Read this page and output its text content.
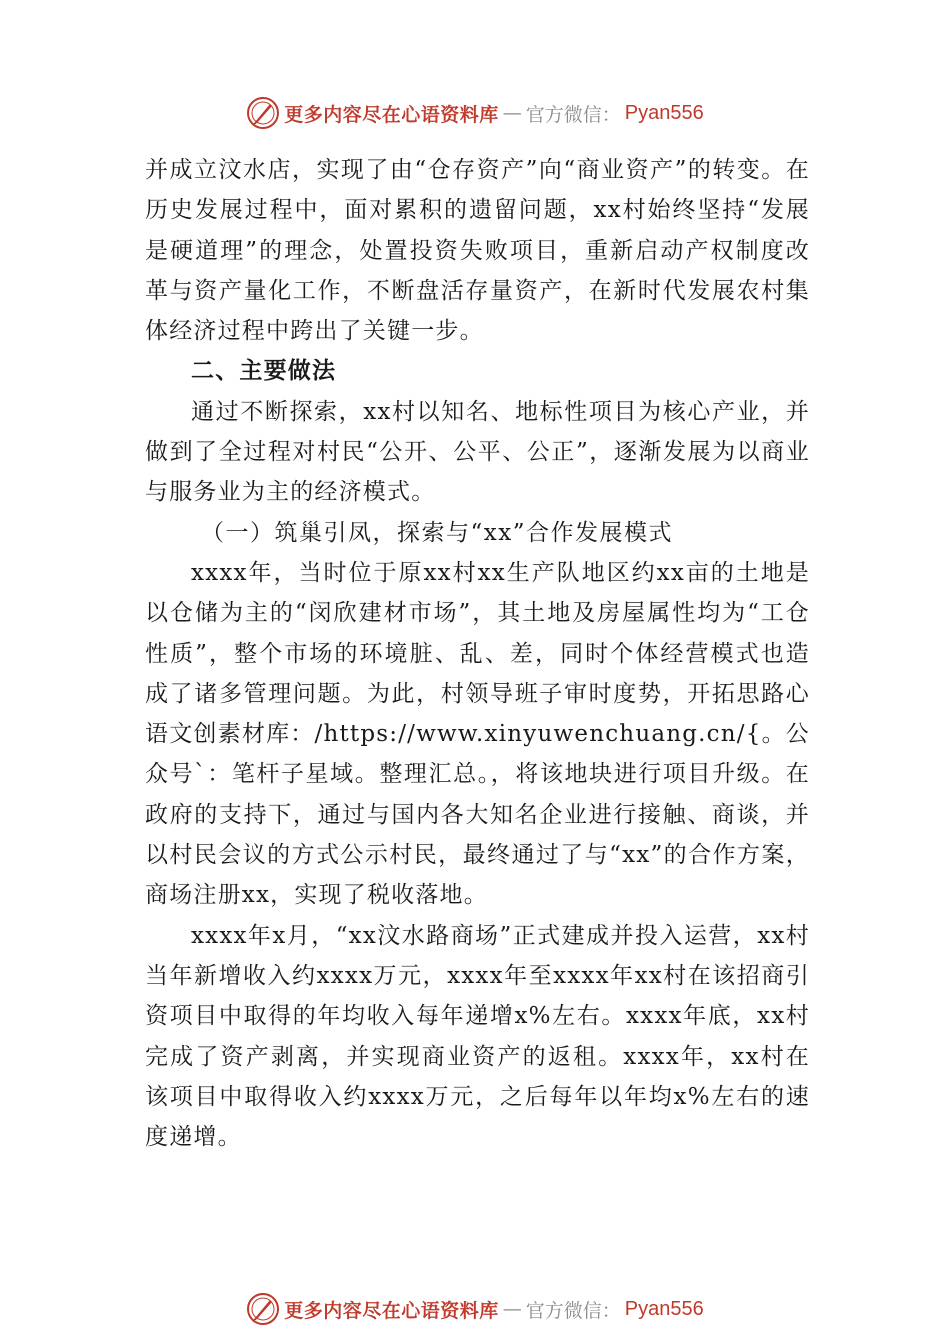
更多内容尽在心语资料库 — 官方微信： Pyan556

并成立汶水店，实现了由“仓存资产”向“商业资产”的转变。在历史发展过程中，面对累积的遗留问题，xx村始终坚持“发展是硬道理”的理念，处置投资失败项目，重新启动产权制度改革与资产量化工作，不断盘活存量资产，在新时代发展农村集体经济过程中跨出了关键一步。

二、主要做法

通过不断探索，xx村以知名、地标性项目为核心产业，并做到了全过程对村民“公开、公平、公正”，逐渐发展为以商业与服务业为主的经济模式。

（一）筑巢引凤，探索与“xx”合作发展模式

xxxx年，当时位于原xx村xx生产队地区约xx亩的土地是以仓储为主的“闵欣建材市场”，其土地及房屋属性均为“工仓性质”，整个市场的环境脏、乱、差，同时个体经营模式也造成了诸多管理问题。为此，村领导班子审时度势，开拓思路心语文创素材库：/https://www.xinyuwenchuang.cn/{。公众号`：笔杆子星域。整理汇总。，将该地块进行项目升级。在政府的支持下，通过与国内各大知名企业进行接触、商谈，并以村民会议的方式公示村民，最终通过了与“xx”的合作方案，商场注册xx，实现了税收落地。

xxxx年x月，“xx汶水路商场”正式建成并投入运营，xx村当年新增收入约xxxx万元，xxxx年至xxxx年xx村在该招商引资项目中取得的年均收入每年递增x%左右。xxxx年底，xx村完成了资产剥离，并实现商业资产的返租。xxxx年，xx村在该项目中取得收入约xxxx万元，之后每年以年均x%左右的速度递增。

更多内容尽在心语资料库 — 官方微信： Pyan556
